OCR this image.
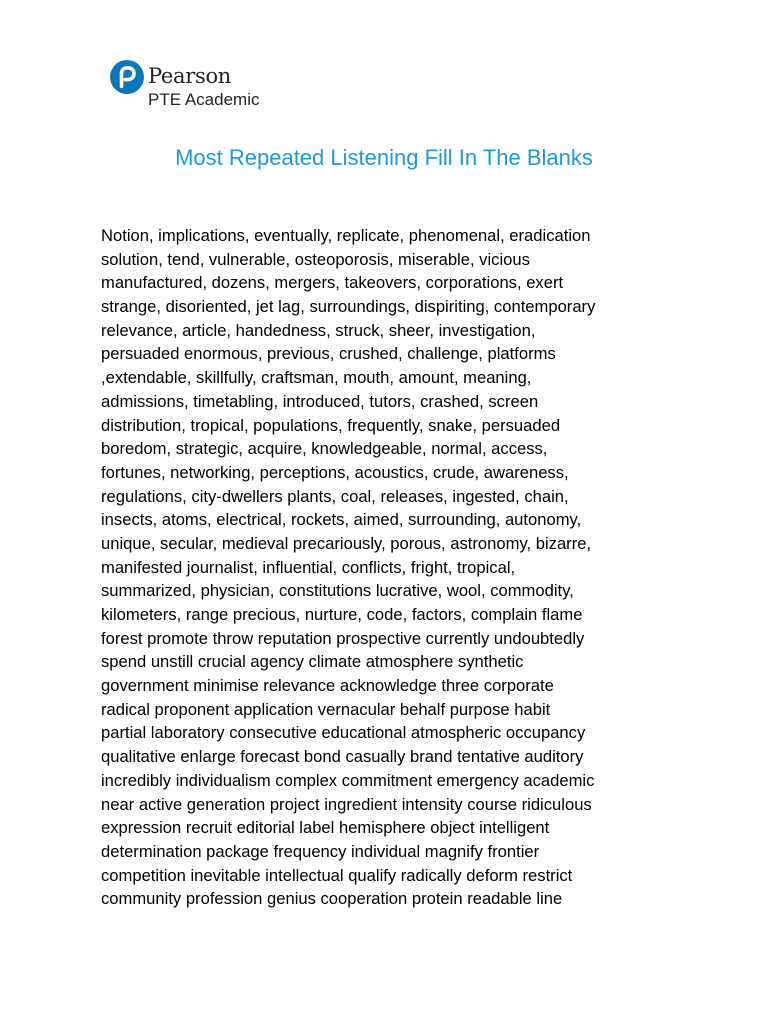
Pearson
PTE Academic
Most Repeated Listening Fill In The Blanks
Notion, implications, eventually, replicate, phenomenal, eradication
solution, tend, vulnerable, osteoporosis, miserable, vicious
manufactured, dozens, mergers, takeovers, corporations, exert
strange, disoriented, jet lag, surroundings, dispiriting, contemporary
relevance, article, handedness, struck, sheer, investigation,
persuaded enormous, previous, crushed, challenge, platforms
,extendable, skillfully, craftsman, mouth, amount, meaning,
admissions, timetabling, introduced, tutors, crashed, screen
distribution, tropical, populations, frequently, snake, persuaded
boredom, strategic, acquire, knowledgeable, normal, access,
fortunes, networking, perceptions, acoustics, crude, awareness,
regulations, city-dwellers plants, coal, releases, ingested, chain,
insects, atoms, electrical, rockets, aimed, surrounding, autonomy,
unique, secular, medieval precariously, porous, astronomy, bizarre,
manifested journalist, influential, conflicts, fright, tropical,
summarized, physician, constitutions lucrative, wool, commodity,
kilometers, range precious, nurture, code, factors, complain flame
forest promote throw reputation prospective currently undoubtedly
spend unstill crucial agency climate atmosphere synthetic
government minimise relevance acknowledge three corporate
radical proponent application vernacular behalf purpose habit
partial laboratory consecutive educational atmospheric occupancy
qualitative enlarge forecast bond casually brand tentative auditory
incredibly individualism complex commitment emergency academic
near active generation project ingredient intensity course ridiculous
expression recruit editorial label hemisphere object intelligent
determination package frequency individual magnify frontier
competition inevitable intellectual qualify radically deform restrict
community profession genius cooperation protein readable line
